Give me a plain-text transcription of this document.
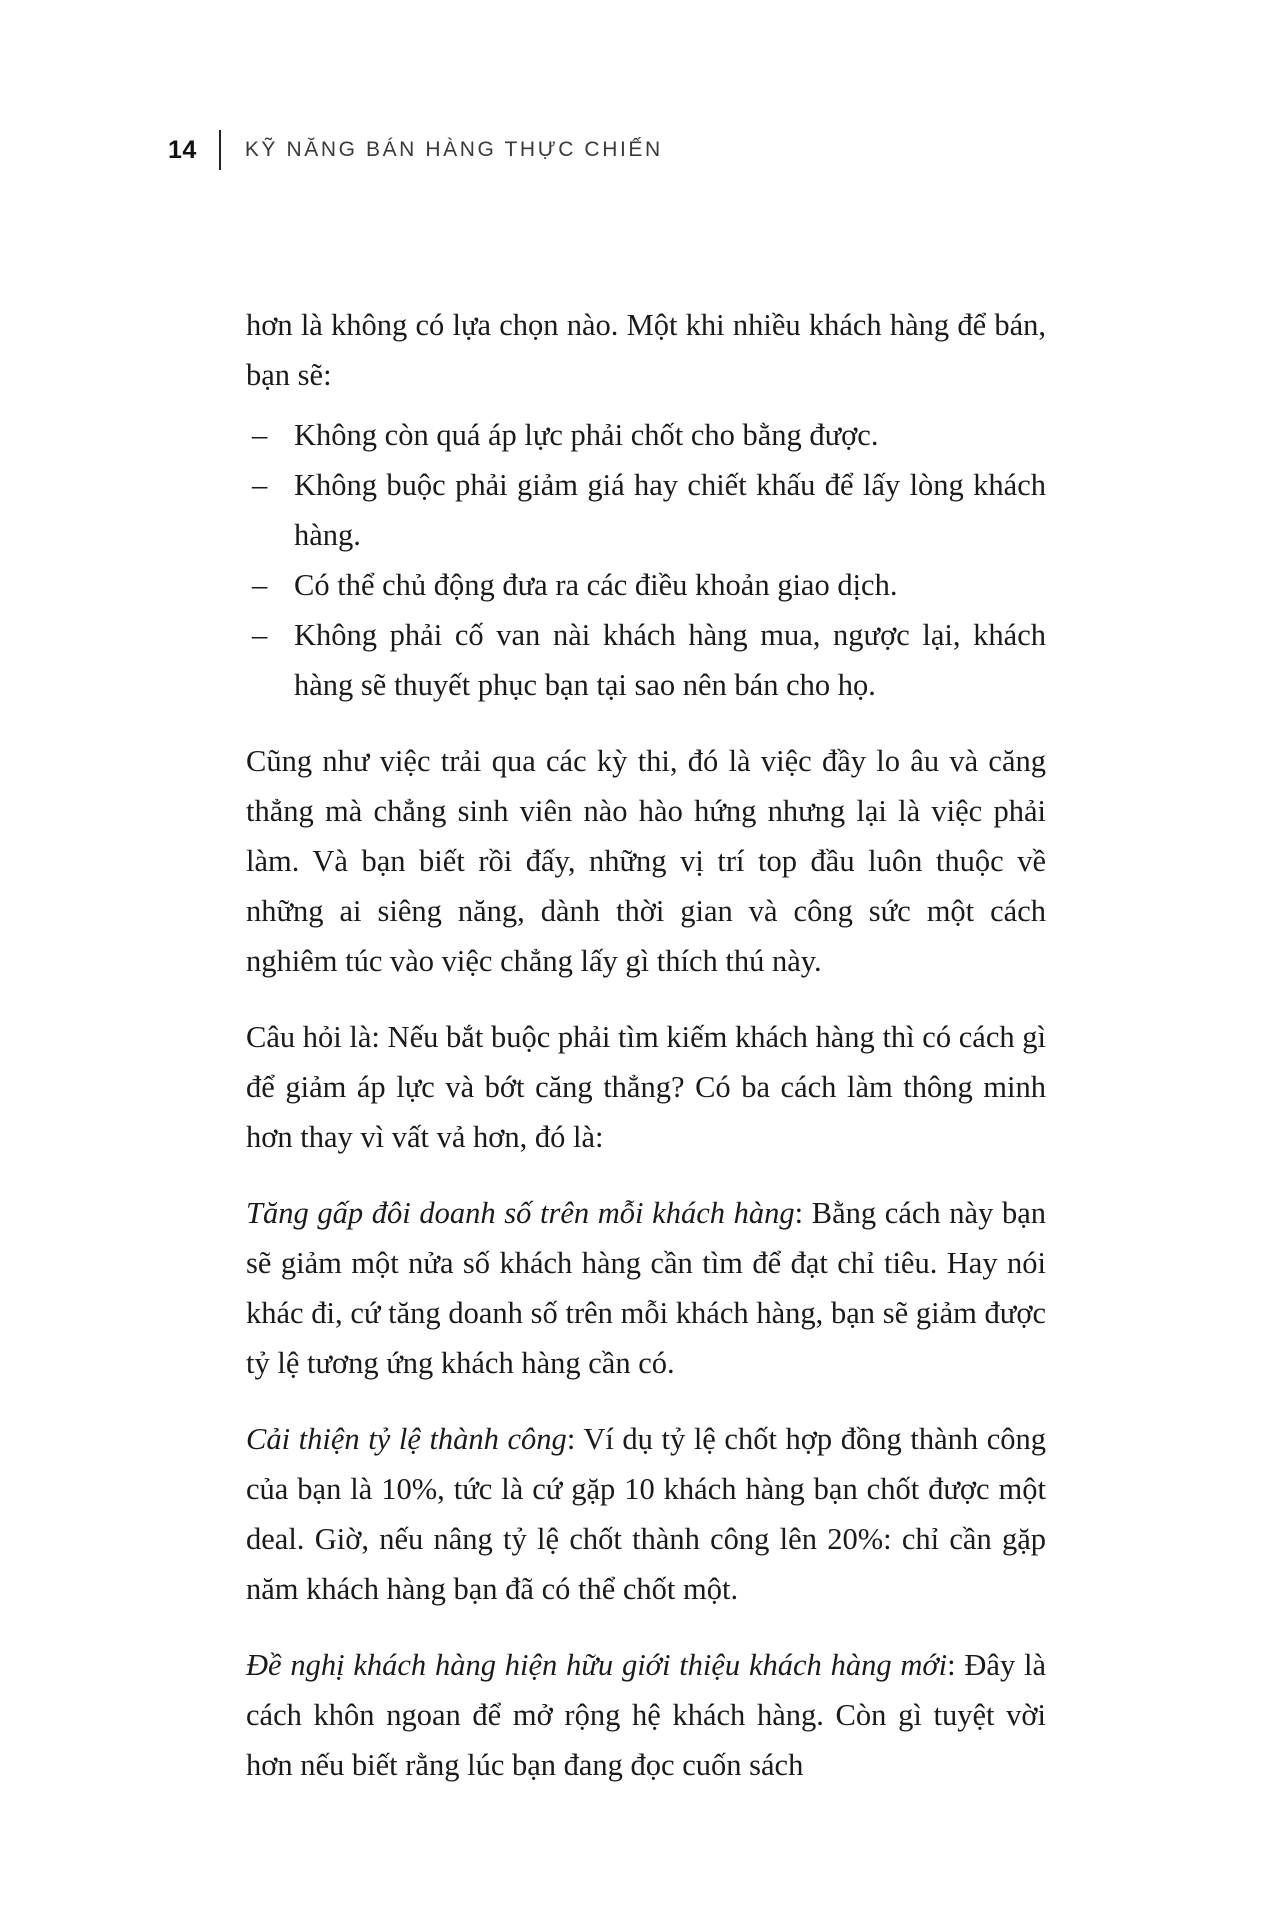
14	KỸ NĂNG BÁN HÀNG THỰC CHIẾN

hơn là không có lựa chọn nào. Một khi nhiều khách hàng để bán, bạn sẽ:

– Không còn quá áp lực phải chốt cho bằng được.
– Không buộc phải giảm giá hay chiết khấu để lấy lòng khách hàng.
– Có thể chủ động đưa ra các điều khoản giao dịch.
– Không phải cố van nài khách hàng mua, ngược lại, khách hàng sẽ thuyết phục bạn tại sao nên bán cho họ.

Cũng như việc trải qua các kỳ thi, đó là việc đầy lo âu và căng thẳng mà chẳng sinh viên nào hào hứng nhưng lại là việc phải làm. Và bạn biết rồi đấy, những vị trí top đầu luôn thuộc về những ai siêng năng, dành thời gian và công sức một cách nghiêm túc vào việc chẳng lấy gì thích thú này.

Câu hỏi là: Nếu bắt buộc phải tìm kiếm khách hàng thì có cách gì để giảm áp lực và bớt căng thẳng? Có ba cách làm thông minh hơn thay vì vất vả hơn, đó là:

Tăng gấp đôi doanh số trên mỗi khách hàng: Bằng cách này bạn sẽ giảm một nửa số khách hàng cần tìm để đạt chỉ tiêu. Hay nói khác đi, cứ tăng doanh số trên mỗi khách hàng, bạn sẽ giảm được tỷ lệ tương ứng khách hàng cần có.

Cải thiện tỷ lệ thành công: Ví dụ tỷ lệ chốt hợp đồng thành công của bạn là 10%, tức là cứ gặp 10 khách hàng bạn chốt được một deal. Giờ, nếu nâng tỷ lệ chốt thành công lên 20%: chỉ cần gặp năm khách hàng bạn đã có thể chốt một.

Đề nghị khách hàng hiện hữu giới thiệu khách hàng mới: Đây là cách khôn ngoan để mở rộng hệ khách hàng. Còn gì tuyệt vời hơn nếu biết rằng lúc bạn đang đọc cuốn sách
